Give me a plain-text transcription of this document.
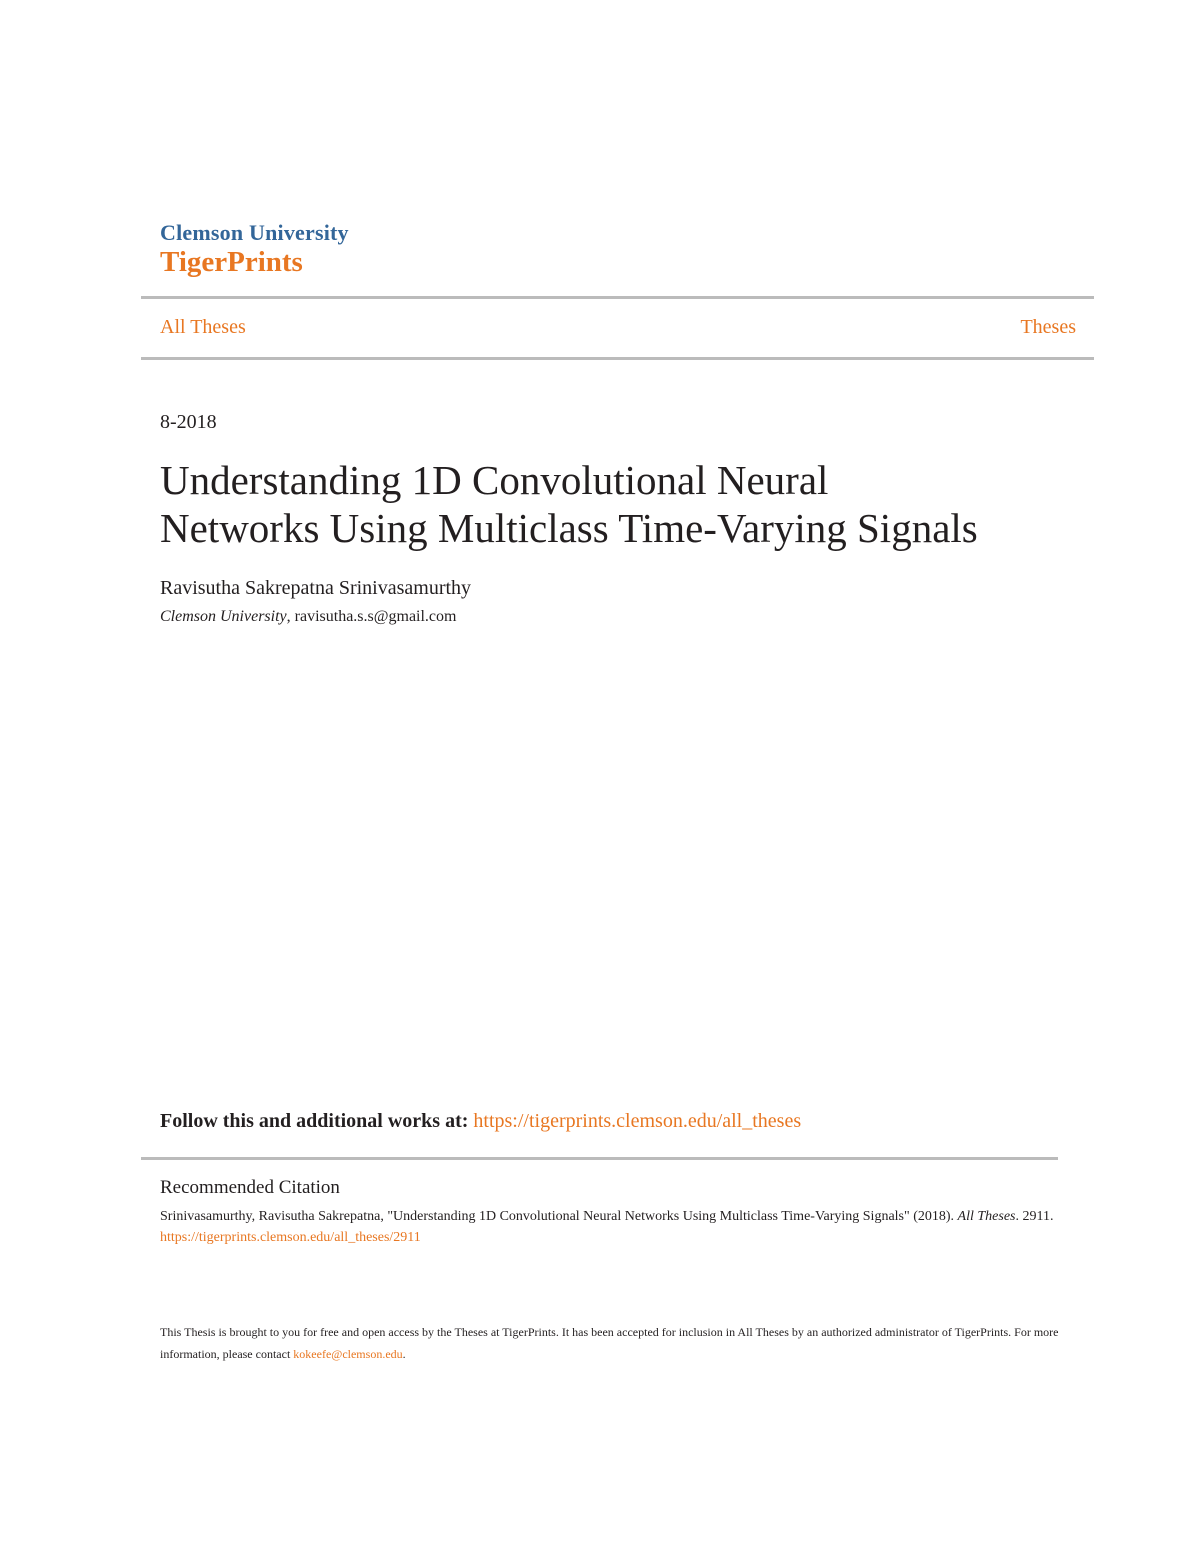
Clemson University
TigerPrints
All Theses	Theses
8-2018
Understanding 1D Convolutional Neural
Networks Using Multiclass Time-Varying Signals
Ravisutha Sakrepatna Srinivasamurthy
Clemson University, ravisutha.s.s@gmail.com
Follow this and additional works at: https://tigerprints.clemson.edu/all_theses
Recommended Citation
Srinivasamurthy, Ravisutha Sakrepatna, "Understanding 1D Convolutional Neural Networks Using Multiclass Time-Varying Signals" (2018). All Theses. 2911.
https://tigerprints.clemson.edu/all_theses/2911
This Thesis is brought to you for free and open access by the Theses at TigerPrints. It has been accepted for inclusion in All Theses by an authorized administrator of TigerPrints. For more information, please contact kokeefe@clemson.edu.
